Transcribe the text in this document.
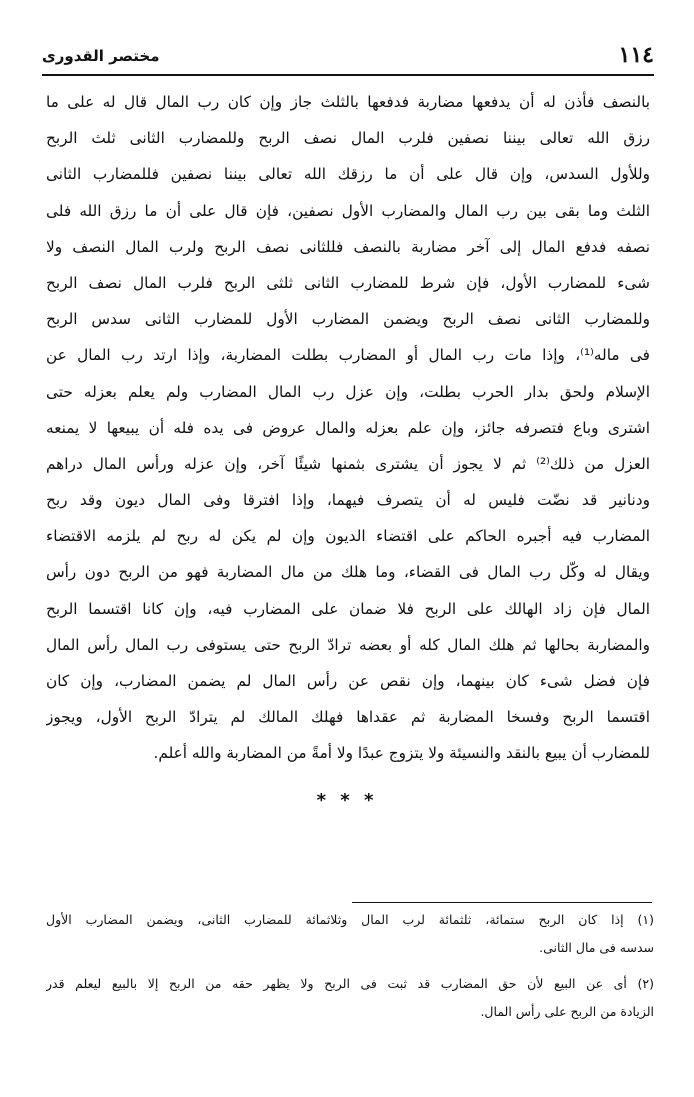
١١٤
مختصر القدورى
بالنصف فأذن له أن يدفعها مضاربة فدفعها بالثلث جاز وإن كان رب المال قال له على ما
رزق الله تعالى بيننا نصفين فلرب المال نصف الربح وللمضارب الثانى ثلث الربح
وللأول السدس، وإن قال على أن ما رزقك الله تعالى بيننا نصفين فللمضارب الثانى
الثلث وما بقى بين رب المال والمضارب الأول نصفين، فإن قال على أن ما رزق الله فلى
نصفه فدفع المال إلى آخر مضاربة بالنصف فللثانى نصف الربح ولرب المال النصف ولا
شىء للمضارب الأول، فإن شرط للمضارب الثانى ثلثى الربح فلرب المال نصف الربح
وللمضارب الثانى نصف الربح ويضمن المضارب الأول للمضارب الثانى سدس الربح
فى ماله⁽¹⁾، وإذا مات رب المال أو المضارب بطلت المضاربة، وإذا ارتد رب المال عن
الإسلام ولحق بدار الحرب بطلت، وإن عزل رب المال المضارب ولم يعلم بعزله حتى
اشترى وباع فتصرفه جائز، وإن علم بعزله والمال عروض فى يده فله أن يبيعها لا يمنعه
العزل من ذلك⁽²⁾ ثم لا يجوز أن يشترى بثمنها شيئًا آخر، وإن عزله ورأس المال دراهم
ودنانير قد نضّت فليس له أن يتصرف فيهما، وإذا افترقا وفى المال ديون وقد ربح
المضارب فيه أجبره الحاكم على اقتضاء الديون وإن لم يكن له ربح لم يلزمه الاقتضاء
ويقال له وكّل رب المال فى القضاء، وما هلك من مال المضاربة فهو من الربح دون رأس
المال فإن زاد الهالك على الربح فلا ضمان على المضارب فيه، وإن كانا اقتسما الربح
والمضاربة بحالها ثم هلك المال كله أو بعضه ترادّ الربح حتى يستوفى رب المال رأس المال
فإن فضل شىء كان بينهما، وإن نقص عن رأس المال لم يضمن المضارب، وإن كان
اقتسما الربح وفسخا المضاربة ثم عقداها فهلك المالك لم يترادّ الربح الأول، ويجوز
للمضارب أن يبيع بالنقد والنسيئة ولا يتزوج عبدًا ولا أمةً من المضاربة والله أعلم.
* * *
(١) إذا كان الربح ستمائة، ثلثمائة لرب المال وثلاثمائة للمضارب الثانى، ويضمن المضارب الأول
سدسه فى مال الثانى.
(٢) أى عن البيع لأن حق المضارب قد ثبت فى الربح ولا يظهر حقه من الربح إلا بالبيع ليعلم قدر
الزيادة من الربح على رأس المال.
